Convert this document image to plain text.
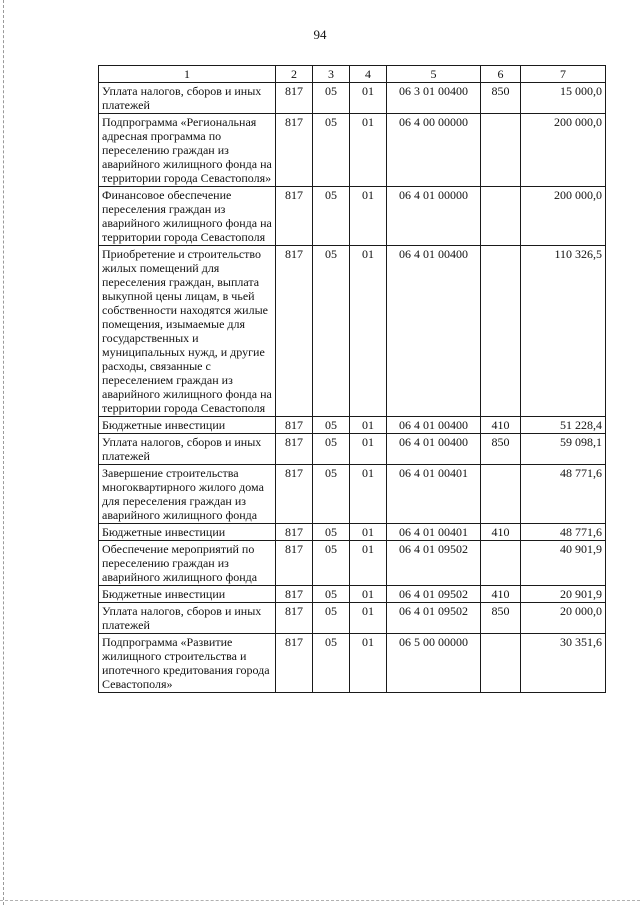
94
1	2	3	4	5	6	7
Уплата налогов, сборов и иных платежей	817	05	01	06 3 01 00400	850	15 000,0
Подпрограмма «Региональная адресная программа по переселению граждан из аварийного жилищного фонда на территории города Севастополя»	817	05	01	06 4 00 00000		200 000,0
Финансовое обеспечение переселения граждан из аварийного жилищного фонда на территории города Севастополя	817	05	01	06 4 01 00000		200 000,0
Приобретение и строительство жилых помещений для переселения граждан, выплата выкупной цены лицам, в чьей собственности находятся жилые помещения, изымаемые для государственных и муниципальных нужд, и другие расходы, связанные с переселением граждан из аварийного жилищного фонда на территории города Севастополя	817	05	01	06 4 01 00400		110 326,5
Бюджетные инвестиции	817	05	01	06 4 01 00400	410	51 228,4
Уплата налогов, сборов и иных платежей	817	05	01	06 4 01 00400	850	59 098,1
Завершение строительства многоквартирного жилого дома для переселения граждан из аварийного жилищного фонда	817	05	01	06 4 01 00401		48 771,6
Бюджетные инвестиции	817	05	01	06 4 01 00401	410	48 771,6
Обеспечение мероприятий по переселению граждан из аварийного жилищного фонда	817	05	01	06 4 01 09502		40 901,9
Бюджетные инвестиции	817	05	01	06 4 01 09502	410	20 901,9
Уплата налогов, сборов и иных платежей	817	05	01	06 4 01 09502	850	20 000,0
Подпрограмма «Развитие жилищного строительства и ипотечного кредитования города Севастополя»	817	05	01	06 5 00 00000		30 351,6
